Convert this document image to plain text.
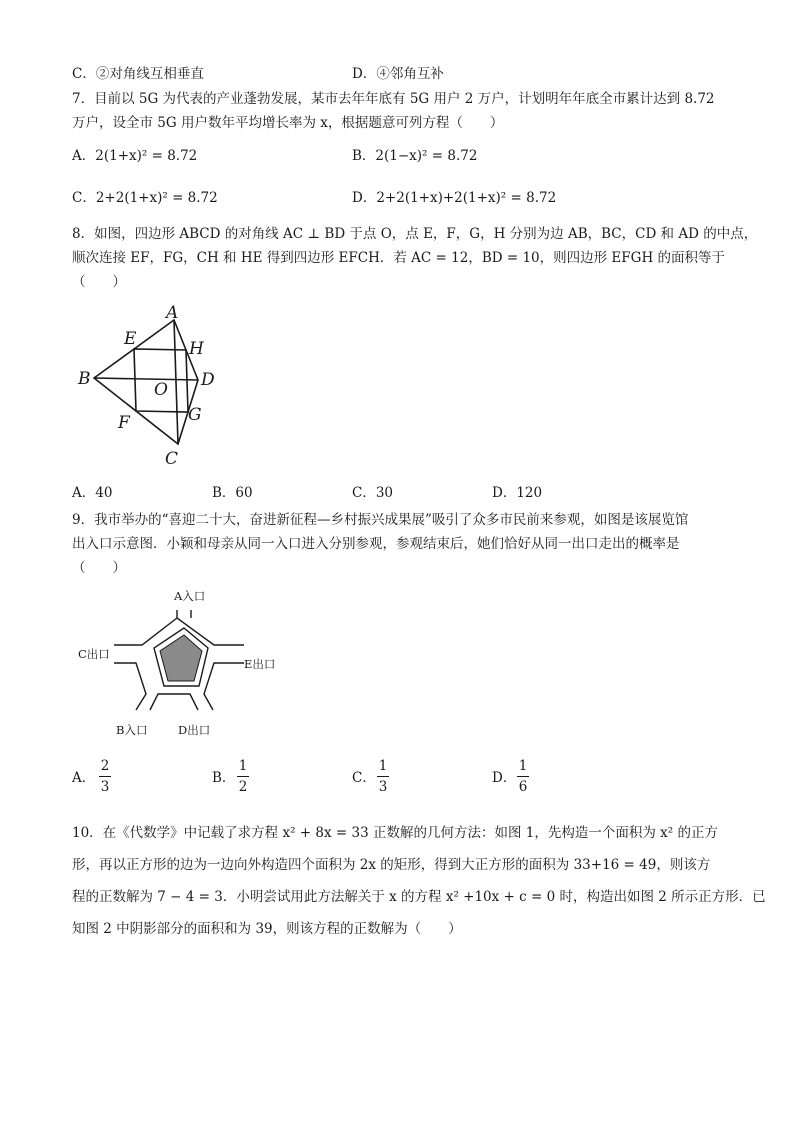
C．②对角线互相垂直	D．④邻角互补
7．目前以 5G 为代表的产业蓬勃发展，某市去年年底有 5G 用户 2 万户，计划明年年底全市累计达到 8.72
万户，设全市 5G 用户数年平均增长率为 x，根据题意可列方程（　　）
A．2(1+x)² = 8.72	B．2(1−x)² = 8.72
C．2+2(1+x)² = 8.72	D．2+2(1+x)+2(1+x)² = 8.72
8．如图，四边形 ABCD 的对角线 AC ⊥ BD 于点 O，点 E，F，G，H 分别为边 AB，BC，CD 和 AD 的中点，
顺次连接 EF，FG，CH 和 HE 得到四边形 EFCH．若 AC = 12，BD = 10，则四边形 EFGH 的面积等于
（　　）
A
B
C
D
E
F	G
H
O
A．40	B．60	C．30	D．120
9．我市举办的“喜迎二十大，奋进新征程—乡村振兴成果展”吸引了众多市民前来参观，如图是该展览馆
出入口示意图．小颖和母亲从同一入口进入分别参观，参观结束后，她们恰好从同一出口走出的概率是
（　　）
A入口
C出口
E出口
B入口	D出口
A．
2
3
B．
1
2
C．
1
3
D．
1
6
10．在《代数学》中记载了求方程 x² + 8x = 33 正数解的几何方法：如图 1，先构造一个面积为 x² 的正方
形，再以正方形的边为一边向外构造四个面积为 2x 的矩形，得到大正方形的面积为 33+16 = 49，则该方
程的正数解为 7 − 4 = 3．小明尝试用此方法解关于 x 的方程 x² +10x + c = 0 时，构造出如图 2 所示正方形．已
知图 2 中阴影部分的面积和为 39，则该方程的正数解为（　　）
